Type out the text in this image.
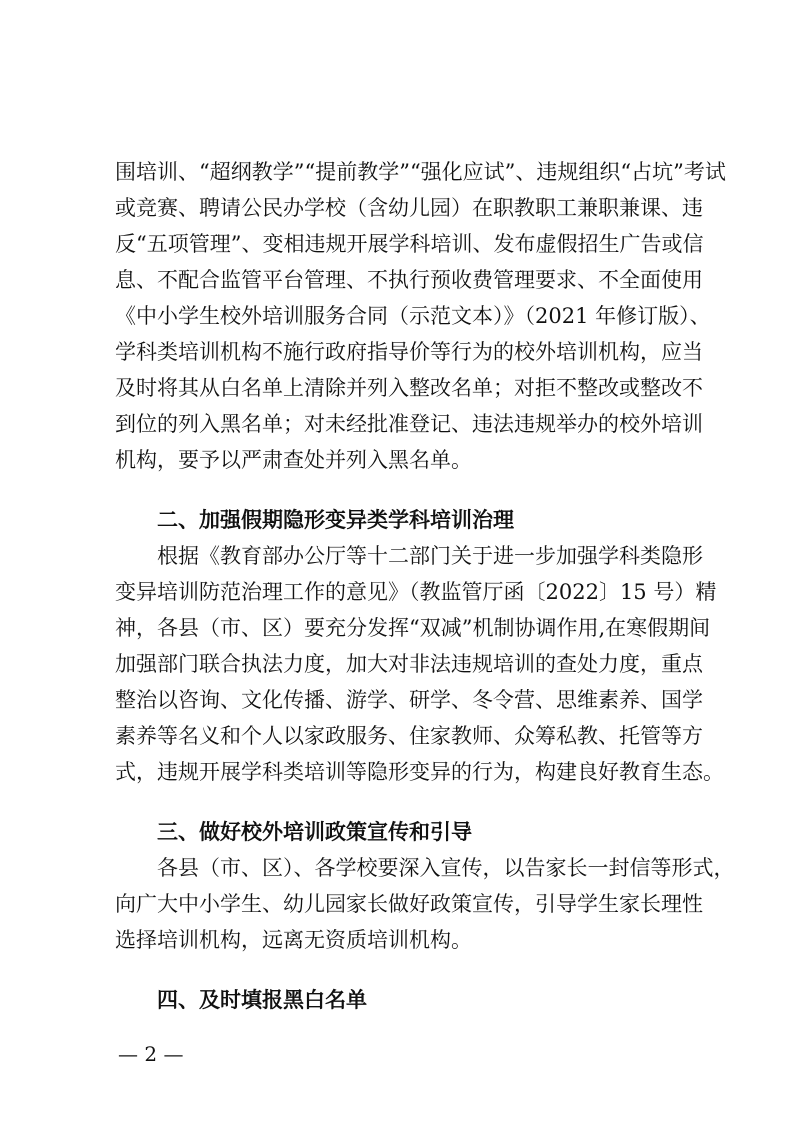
围培训、“超纲教学”“提前教学”“强化应试”、违规组织“占坑”考试
或竞赛、聘请公民办学校（含幼儿园）在职教职工兼职兼课、违
反“五项管理”、变相违规开展学科培训、发布虚假招生广告或信
息、不配合监管平台管理、不执行预收费管理要求、不全面使用
《中小学生校外培训服务合同（示范文本）》（2021 年修订版）、
学科类培训机构不施行政府指导价等行为的校外培训机构，应当
及时将其从白名单上清除并列入整改名单；对拒不整改或整改不
到位的列入黑名单；对未经批准登记、违法违规举办的校外培训
机构，要予以严肃查处并列入黑名单。
二、加强假期隐形变异类学科培训治理
根据《教育部办公厅等十二部门关于进一步加强学科类隐形
变异培训防范治理工作的意见》（教监管厅函〔2022〕15 号）精
神，各县（市、区）要充分发挥“双减”机制协调作用,在寒假期间
加强部门联合执法力度，加大对非法违规培训的查处力度，重点
整治以咨询、文化传播、游学、研学、冬令营、思维素养、国学
素养等名义和个人以家政服务、住家教师、众筹私教、托管等方
式，违规开展学科类培训等隐形变异的行为，构建良好教育生态。
三、做好校外培训政策宣传和引导
各县（市、区）、各学校要深入宣传，以告家长一封信等形式，
向广大中小学生、幼儿园家长做好政策宣传，引导学生家长理性
选择培训机构，远离无资质培训机构。
四、及时填报黑白名单
— 2 —
